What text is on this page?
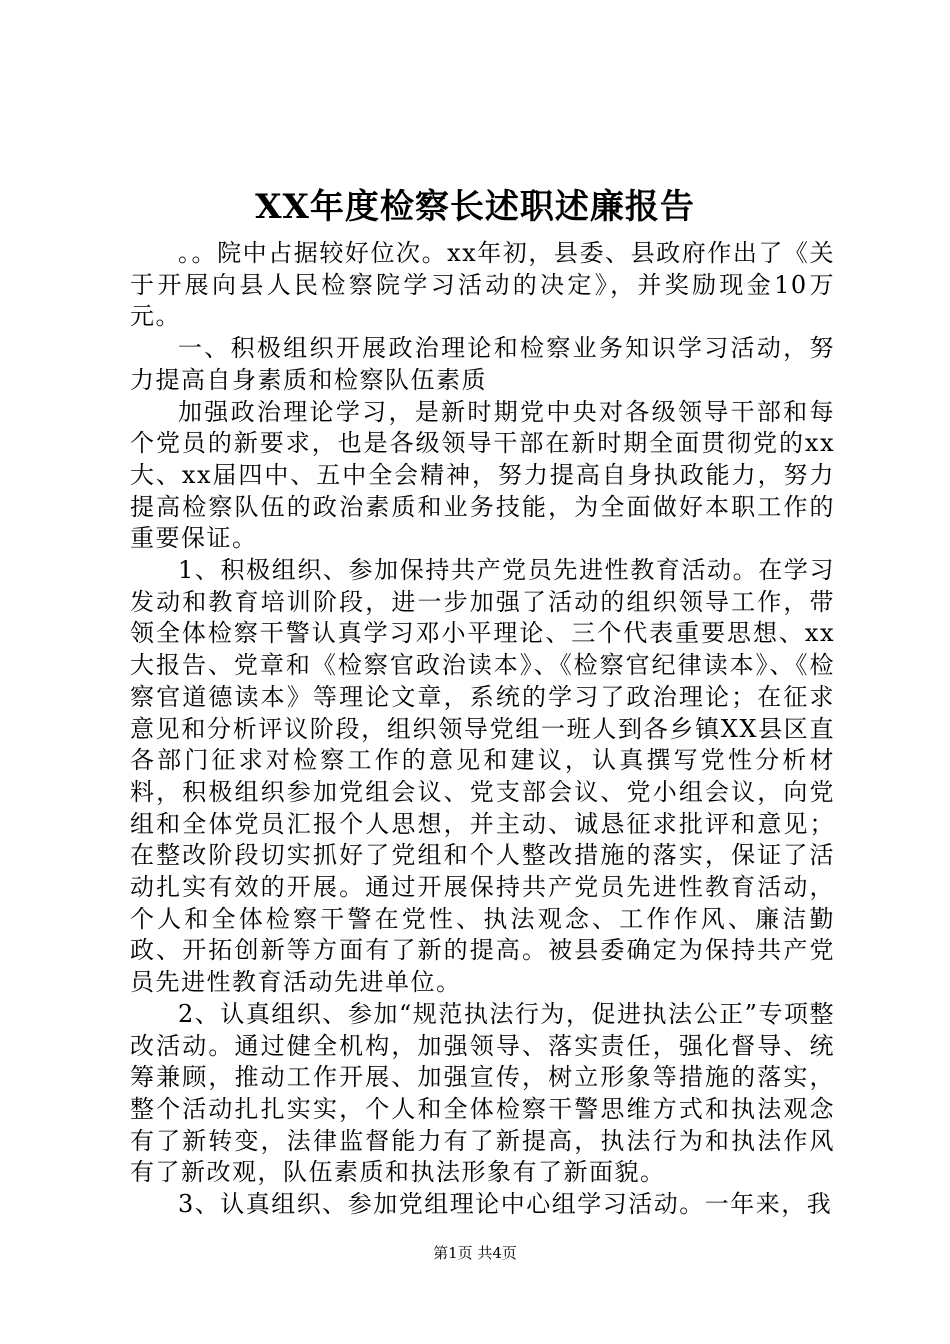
XX年度检察长述职述廉报告

。。院中占据较好位次。xx年初，县委、县政府作出了《关于开展向县人民检察院学习活动的决定》，并奖励现金10万元。

一、积极组织开展政治理论和检察业务知识学习活动，努力提高自身素质和检察队伍素质

加强政治理论学习，是新时期党中央对各级领导干部和每个党员的新要求，也是各级领导干部在新时期全面贯彻党的xx大、xx届四中、五中全会精神，努力提高自身执政能力，努力提高检察队伍的政治素质和业务技能，为全面做好本职工作的重要保证。

1、积极组织、参加保持共产党员先进性教育活动。在学习发动和教育培训阶段，进一步加强了活动的组织领导工作，带领全体检察干警认真学习邓小平理论、三个代表重要思想、xx大报告、党章和《检察官政治读本》、《检察官纪律读本》、《检察官道德读本》等理论文章，系统的学习了政治理论；在征求意见和分析评议阶段，组织领导党组一班人到各乡镇XX县区直各部门征求对检察工作的意见和建议，认真撰写党性分析材料，积极组织参加党组会议、党支部会议、党小组会议，向党组和全体党员汇报个人思想，并主动、诚恳征求批评和意见；在整改阶段切实抓好了党组和个人整改措施的落实，保证了活动扎实有效的开展。通过开展保持共产党员先进性教育活动，个人和全体检察干警在党性、执法观念、工作作风、廉洁勤政、开拓创新等方面有了新的提高。被县委确定为保持共产党员先进性教育活动先进单位。

2、认真组织、参加“规范执法行为，促进执法公正”专项整改活动。通过健全机构，加强领导、落实责任，强化督导、统筹兼顾，推动工作开展、加强宣传，树立形象等措施的落实，整个活动扎扎实实，个人和全体检察干警思维方式和执法观念有了新转变，法律监督能力有了新提高，执法行为和执法作风有了新改观，队伍素质和执法形象有了新面貌。

3、认真组织、参加党组理论中心组学习活动。一年来，我

第1页 共4页
